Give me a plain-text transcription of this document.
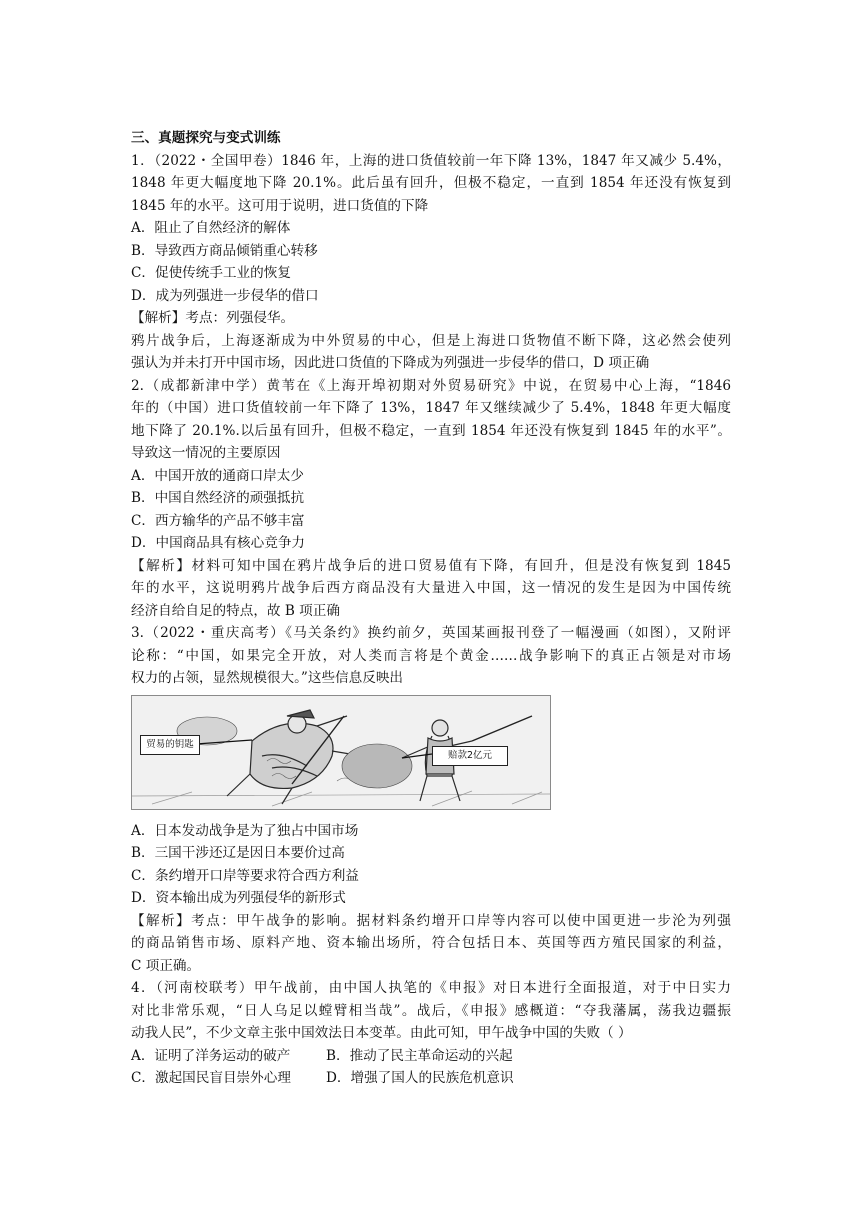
三、真题探究与变式训练
1．（2022・全国甲卷）1846 年，上海的进口货值较前一年下降 13%，1847 年又减少 5.4%，
1848 年更大幅度地下降 20.1%。此后虽有回升，但极不稳定，一直到 1854 年还没有恢复到
1845 年的水平。这可用于说明，进口货值的下降
A．阻止了自然经济的解体
B．导致西方商品倾销重心转移
C．促使传统手工业的恢复
D．成为列强进一步侵华的借口
【解析】考点：列强侵华。
鸦片战争后，上海逐渐成为中外贸易的中心，但是上海进口货物值不断下降，这必然会使列
强认为并未打开中国市场，因此进口货值的下降成为列强进一步侵华的借口，D 项正确
2.（成都新津中学）黄苇在《上海开埠初期对外贸易研究》中说，在贸易中心上海，“1846
年的（中国）进口货值较前一年下降了 13%，1847 年又继续减少了 5.4%，1848 年更大幅度
地下降了 20.1%.以后虽有回升，但极不稳定，一直到 1854 年还没有恢复到 1845 年的水平”。
导致这一情况的主要原因
A．中国开放的通商口岸太少
B．中国自然经济的顽强抵抗
C．西方输华的产品不够丰富
D．中国商品具有核心竞争力
【解析】材料可知中国在鸦片战争后的进口贸易值有下降，有回升，但是没有恢复到 1845
年的水平，这说明鸦片战争后西方商品没有大量进入中国，这一情况的发生是因为中国传统
经济自给自足的特点，故 B 项正确
3.（2022・重庆高考）《马关条约》换约前夕，英国某画报刊登了一幅漫画（如图），又附评
论称：“中国，如果完全开放，对人类而言将是个黄金……战争影响下的真正占领是对市场
权力的占领，显然规模很大。”这些信息反映出
贸易的钥匙
赔款2亿元
A．日本发动战争是为了独占中国市场
B．三国干涉还辽是因日本要价过高
C．条约增开口岸等要求符合西方利益
D．资本输出成为列强侵华的新形式
【解析】考点：甲午战争的影响。据材料条约增开口岸等内容可以使中国更进一步沦为列强
的商品销售市场、原料产地、资本输出场所，符合包括日本、英国等西方殖民国家的利益，
C 项正确。
4．（河南校联考）甲午战前，由中国人执笔的《申报》对日本进行全面报道，对于中日实力
对比非常乐观，“日人乌足以螳臂相当哉”。战后，《申报》感概道：“夺我藩属，荡我边疆振
动我人民”，不少文章主张中国效法日本变革。由此可知，甲午战争中国的失败（ ）
A．证明了洋务运动的破产	B．推动了民主革命运动的兴起
C．激起国民盲目崇外心理	D．增强了国人的民族危机意识
